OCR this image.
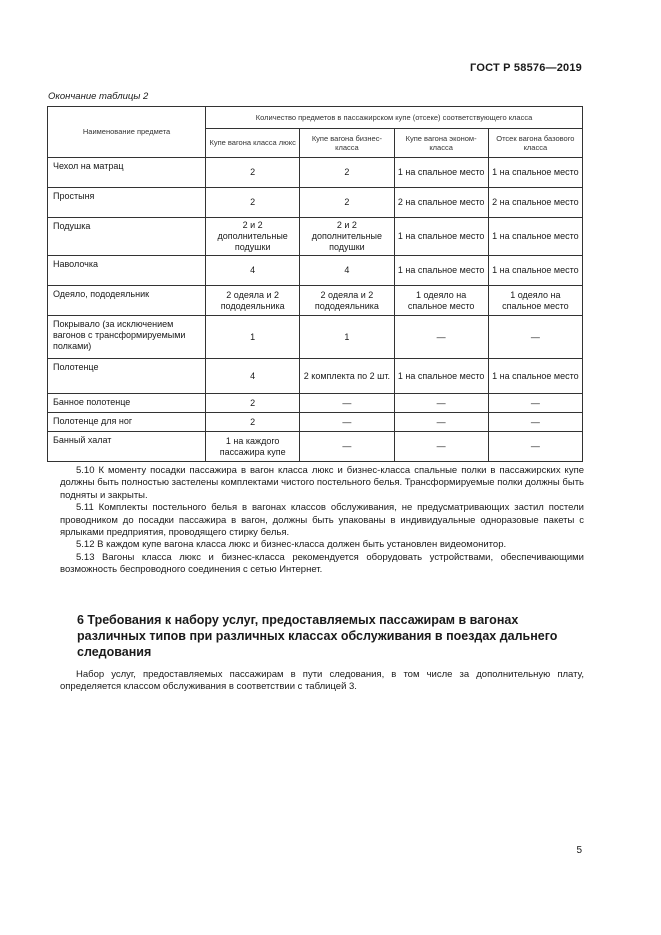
ГОСТ Р 58576—2019
Окончание таблицы 2
Наименование предмета	Количество предметов в пассажирском купе (отсеке) соответствующего класса			
	Купе вагона класса люкс	Купе вагона бизнес-класса	Купе вагона эконом-класса	Отсек вагона базового класса
Чехол на матрац	2	2	1 на спальное место	1 на спальное место
Простыня	2	2	2 на спальное место	2 на спальное место
Подушка	2 и 2 дополнительные подушки	2 и 2 дополнительные подушки	1 на спальное место	1 на спальное место
Наволочка	4	4	1 на спальное место	1 на спальное место
Одеяло, пододеяльник	2 одеяла и 2 пододеяльника	2 одеяла и 2 пододеяльника	1 одеяло на спальное место	1 одеяло на спальное место
Покрывало (за исключением вагонов с трансформируемыми полками)	1	1	—	—
Полотенце	4	2 комплекта по 2 шт.	1 на спальное место	1 на спальное место
Банное полотенце	2	—	—	—
Полотенце для ног	2	—	—	—
Банный халат	1 на каждого пассажира купе	—	—	—

5.10 К моменту посадки пассажира в вагон класса люкс и бизнес-класса спальные полки в пассажирских купе должны быть полностью застелены комплектами чистого постельного белья. Трансформируемые полки должны быть подняты и закрыты.

5.11 Комплекты постельного белья в вагонах классов обслуживания, не предусматривающих застил постели проводником до посадки пассажира в вагон, должны быть упакованы в индивидуальные одноразовые пакеты с ярлыками предприятия, проводящего стирку белья.

5.12 В каждом купе вагона класса люкс и бизнес-класса должен быть установлен видеомонитор.

5.13 Вагоны класса люкс и бизнес-класса рекомендуется оборудовать устройствами, обеспечивающими возможность беспроводного соединения с сетью Интернет.

6 Требования к набору услуг, предоставляемых пассажирам в вагонах различных типов при различных классах обслуживания в поездах дальнего следования

Набор услуг, предоставляемых пассажирам в пути следования, в том числе за дополнительную плату, определяется классом обслуживания в соответствии с таблицей 3.

5
